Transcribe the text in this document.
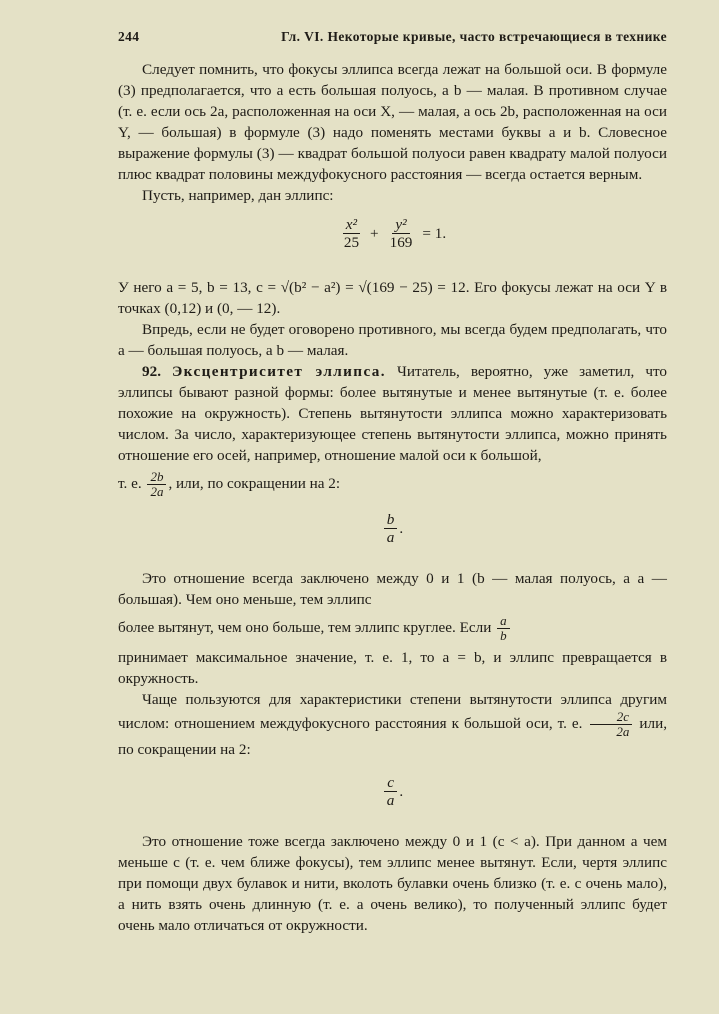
244	Гл. VI. Некоторые кривые, часто встречающиеся в технике

Следует помнить, что фокусы эллипса всегда лежат на большой оси. В формуле (3) предполагается, что a есть большая полуось, а b — малая. В противном случае (т. е. если ось 2a, расположенная на оси X, — малая, а ось 2b, расположенная на оси Y, — большая) в формуле (3) надо поменять местами буквы a и b. Словесное выражение формулы (3) — квадрат большой полуоси равен квадрату малой полуоси плюс квадрат половины междуфокусного расстояния — всегда остается верным.

Пусть, например, дан эллипс:

$\frac{\text{x²}}{25} + \frac{\text{y²}}{169} = 1$.

У него a = 5, b = 13, c = √(b² − a²) = √(169 − 25) = 12. Его фокусы лежат на оси Y в точках (0,12) и (0, — 12).

Впредь, если не будет оговорено противного, мы всегда будем предполагать, что a — большая полуось, а b — малая.

92. Эксцентриситет эллипса. Читатель, вероятно, уже заметил, что эллипсы бывают разной формы: более вытянутые и менее вытянутые (т. е. более похожие на окружность). Степень вытянутости эллипса можно характеризовать числом. За число, характеризующее степень вытянутости эллипса, можно принять отношение его осей, например, отношение малой оси к большой,

т. е. $\frac{2b}{2a}$ , или, по сокращении на 2:

$\frac{b}{a}$ .

Это отношение всегда заключено между 0 и 1 (b — малая полуось, а a — большая). Чем оно меньше, тем эллипс

более вытянут, чем оно больше, тем эллипс круглее. Если $\frac{a}{b}$

принимает максимальное значение, т. е. 1, то a = b, и эллипс превращается в окружность.

Чаще пользуются для характеристики степени вытянутости эллипса другим числом: отношением междуфокусного расстояния к большой оси, т. е. $\frac{2c}{2a}$ или, по сокращении на 2:

$\frac{c}{a}$ .

Это отношение тоже всегда заключено между 0 и 1 (c < a). При данном a чем меньше c (т. е. чем ближе фокусы), тем эллипс менее вытянут. Если, чертя эллипс при помощи двух булавок и нити, вколоть булавки очень близко (т. е. c очень мало), а нить взять очень длинную (т. е. a очень велико), то полученный эллипс будет очень мало отличаться от окружности.
